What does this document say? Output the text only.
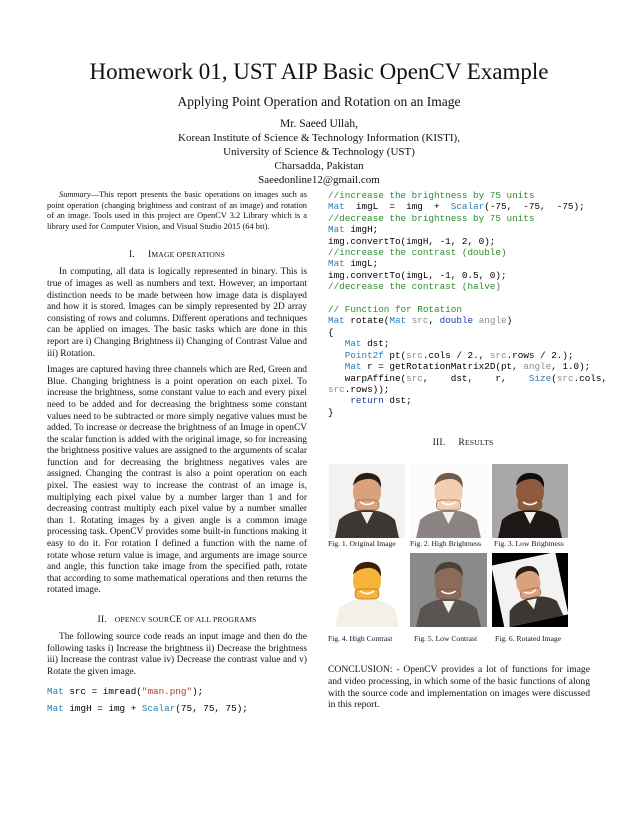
Homework 01, UST AIP Basic OpenCV Example
Applying Point Operation and Rotation on an Image
Mr. Saeed Ullah,
Korean Institute of Science & Technology Information (KISTI),
University of Science & Technology (UST)
Charsadda, Pakistan
Saeedonline12@gmail.com

Summary—This report presents the basic operations on images such as point operation (changing brightness and contrast of an image) and rotation of an image. Tools used in this project are OpenCV 3.2 Library which is a library used for Computer Vision, and Visual Studio 2015 (64 bit).

I. IMAGE OPERATIONS

In computing, all data is logically represented in binary. This is true of images as well as numbers and text. However, an important distinction needs to be made between how image data is displayed and how it is stored. Images can be simply represented by 2D array consisting of rows and columns. Different operations and techniques can be applied on images. The basic tasks which are done in this report are i) Changing Brightness ii) Changing of Contrast Value and iii) Rotation.

Images are captured having three channels which are Red, Green and Blue. Changing brightness is a point operation on each pixel. To increase the brightness, some constant value to each and every pixel need to be added and for decreasing the brightness some constant values need to be subtracted or more simply negative values must be added. To increase or decrease the brightness of an Image in openCV the scalar function is added with the original image, so for increasing the brightness positive values are assigned to the arguments of scalar function and for decreasing the brightness negatives vales are assigned. Changing the contrast is also a point operation on each pixel. The easiest way to increase the contrast of an image is, multiplying each pixel value by a number larger than 1 and for decreasing contrast multiply each pixel value by a number smaller than 1. Rotating images by a given angle is a common image processing task. OpenCV provides some built-in functions making it easy to do it. For rotation I defined a function with the name of rotate whose return value is image, and arguments are image source and angle, this function take image from the specified path, rotate that according to some mathematical operations and then returns the rotated image.

II. OPENCV SOURCE OF ALL PROGRAMS

The following source code reads an input image and then do the following tasks i) Increase the brightness ii) Decrease the brightness iii) Increase the contrast value iv) Decrease the contrast value and v) Rotate the given image.

Mat src = imread("man.png");
Mat imgH = img + Scalar(75, 75, 75);
//increase the brightness by 75 units
Mat  imgL  =  img  +  Scalar(-75,  -75,  -75);
//decrease the brightness by 75 units
Mat imgH;
img.convertTo(imgH, -1, 2, 0);
//increase the contrast (double)
Mat imgL;
img.convertTo(imgL, -1, 0.5, 0);
//decrease the contrast (halve)

// Function for Rotation
Mat rotate(Mat src, double angle)
{
Mat dst;
Point2f pt(src.cols / 2., src.rows / 2.);
Mat r = getRotationMatrix2D(pt, angle, 1.0);
warpAffine(src,    dst,    r,    Size(src.cols,
src.rows));
return dst;
}
III. RESULTS
Fig. 1. Original Image Fig. 2. High Brightness Fig. 3. Low Brightness
Fig. 4. High Contrast	Fig. 5. Low Contrast Fig. 6. Rotated Image
CONCLUSION: - OpenCV provides a lot of functions for image and video processing, in which some of the basic functions of along with the source code and implementation on images were discussed in this report.
